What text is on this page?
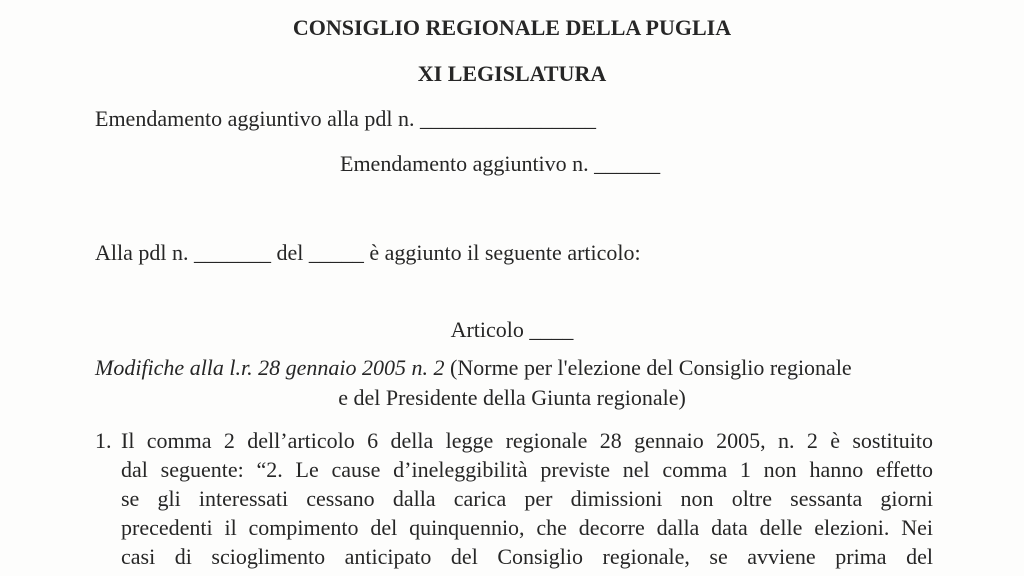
CONSIGLIO REGIONALE DELLA PUGLIA
XI LEGISLATURA
Emendamento aggiuntivo alla pdl n. ________________
Emendamento aggiuntivo n. ______
Alla pdl n. _______ del _____ è aggiunto il seguente articolo:
Articolo ____
Modifiche alla l.r. 28 gennaio 2005 n. 2 (Norme per l'elezione del Consiglio regionale
e del Presidente della Giunta regionale)
1. Il comma 2 dell’articolo 6 della legge regionale 28 gennaio 2005, n. 2 è sostituito
dal seguente: “2. Le cause d’ineleggibilità previste nel comma 1 non hanno effetto
se gli interessati cessano dalla carica per dimissioni non oltre sessanta giorni
precedenti il compimento del quinquennio, che decorre dalla data delle elezioni. Nei
casi di scioglimento anticipato del Consiglio regionale, se avviene prima del
